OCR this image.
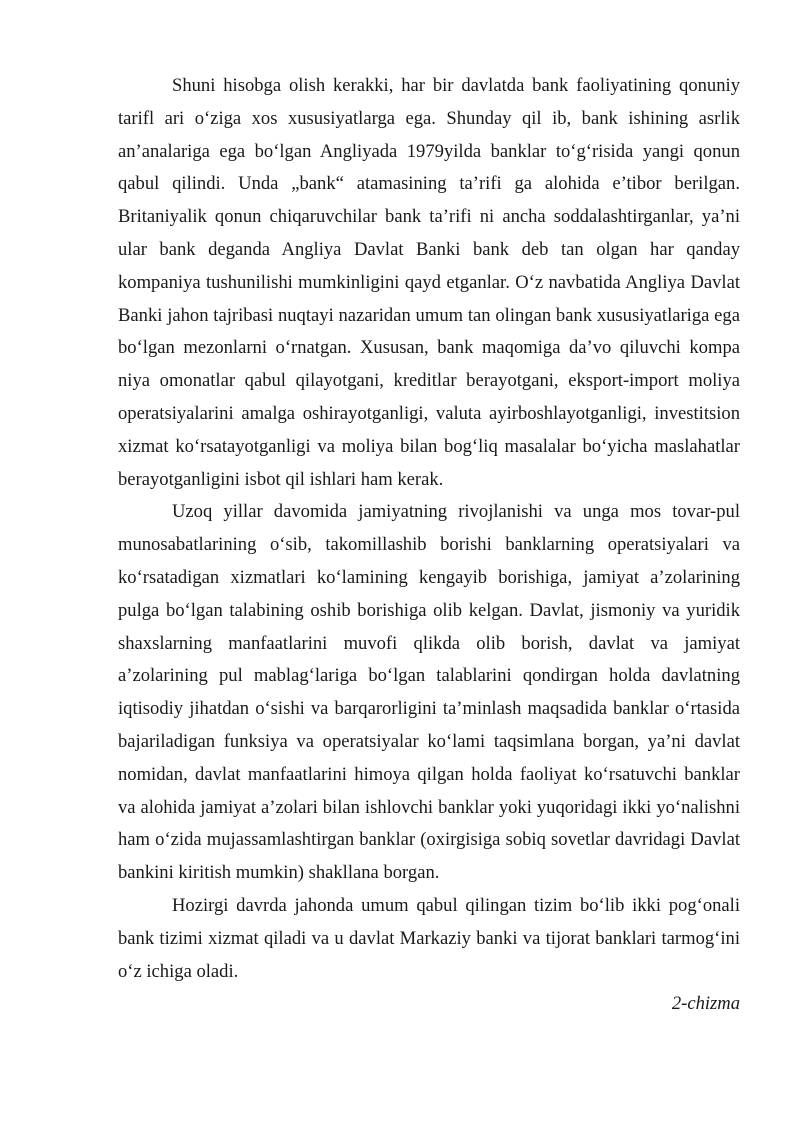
Shuni hisobga olish kerakki, har bir davlatda bank faoliyatining qonuniy tarifl ari o‘ziga xos xususiyatlarga ega. Shunday qil ib, bank ishining asrlik an’analariga ega bo‘lgan Angliyada 1979yilda banklar to‘g‘risida yangi qonun qabul qilindi. Unda „bank“ atamasining ta’rifi ga alohida e’tibor berilgan. Britaniyalik qonun chiqaruvchilar bank ta’rifi ni ancha soddalashtirganlar, ya’ni ular bank deganda Angliya Davlat Banki bank deb tan olgan har qanday kompaniya tushunilishi mumkinligini qayd etganlar. O‘z navbatida Angliya Davlat Banki jahon tajribasi nuqtayi nazaridan umum tan olingan bank xususiyatlariga ega bo‘lgan mezonlarni o‘rnatgan. Xususan, bank maqomiga da’vo qiluvchi kompa niya omonatlar qabul qilayotgani, kreditlar berayotgani, eksport-import moliya operatsiyalarini amalga oshirayotganligi, valuta ayirboshlayotganligi, investitsion xizmat ko‘rsatayotganligi va moliya bilan bog‘liq masalalar bo‘yicha maslahatlar berayotganligini isbot qil ishlari ham kerak.

Uzoq yillar davomida jamiyatning rivojlanishi va unga mos tovar-pul munosabatlarining o‘sib, takomillashib borishi banklarning operatsiyalari va ko‘rsatadigan xizmatlari ko‘lamining kengayib borishiga, jamiyat a’zolarining pulga bo‘lgan talabining oshib borishiga olib kelgan. Davlat, jismoniy va yuridik shaxslarning manfaatlarini muvofi qlikda olib borish, davlat va jamiyat a’zolarining pul mablag‘lariga bo‘lgan talablarini qondirgan holda davlatning iqtisodiy jihatdan o‘sishi va barqarorligini ta’minlash maqsadida banklar o‘rtasida bajariladigan funksiya va operatsiyalar ko‘lami taqsimlana borgan, ya’ni davlat nomidan, davlat manfaatlarini himoya qilgan holda faoliyat ko‘rsatuvchi banklar va alohida jamiyat a’zolari bilan ishlovchi banklar yoki yuqoridagi ikki yo‘nalishni ham o‘zida mujassamlashtirgan banklar (oxirgisiga sobiq sovetlar davridagi Davlat bankini kiritish mumkin) shakllana borgan.

Hozirgi davrda jahonda umum qabul qilingan tizim bo‘lib ikki pog‘onali bank tizimi xizmat qiladi va u davlat Markaziy banki va tijorat banklari tarmog‘ini o‘z ichiga oladi.

2-chizma
